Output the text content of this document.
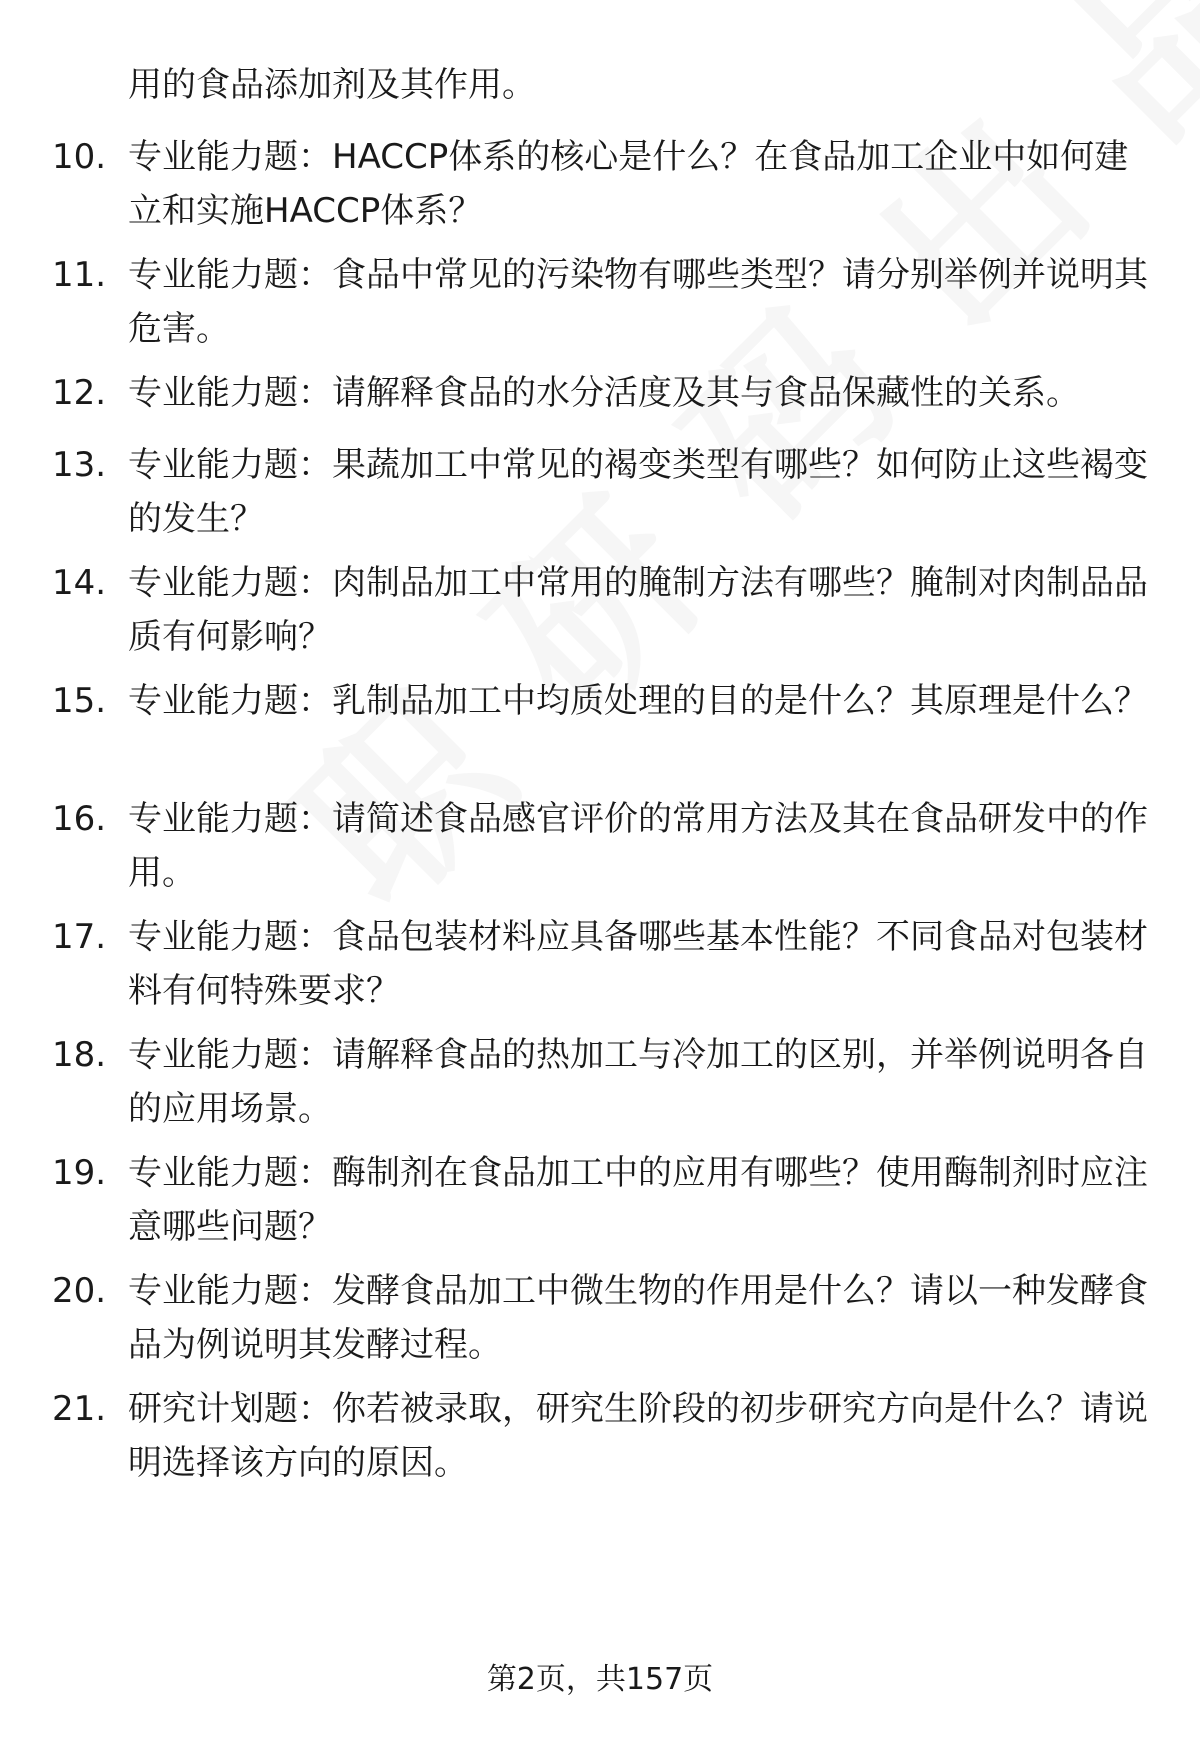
用的食品添加剂及其作用。
10. 专业能力题：HACCP体系的核心是什么？在食品加工企业中如何建立和实施HACCP体系？
11. 专业能力题：食品中常见的污染物有哪些类型？请分别举例并说明其危害。
12. 专业能力题：请解释食品的水分活度及其与食品保藏性的关系。
13. 专业能力题：果蔬加工中常见的褐变类型有哪些？如何防止这些褐变的发生？
14. 专业能力题：肉制品加工中常用的腌制方法有哪些？腌制对肉制品品质有何影响？
15. 专业能力题：乳制品加工中均质处理的目的是什么？其原理是什么？
16. 专业能力题：请简述食品感官评价的常用方法及其在食品研发中的作用。
17. 专业能力题：食品包装材料应具备哪些基本性能？不同食品对包装材料有何特殊要求？
18. 专业能力题：请解释食品的热加工与冷加工的区别，并举例说明各自的应用场景。
19. 专业能力题：酶制剂在食品加工中的应用有哪些？使用酶制剂时应注意哪些问题？
20. 专业能力题：发酵食品加工中微生物的作用是什么？请以一种发酵食品为例说明其发酵过程。
21. 研究计划题：你若被录取，研究生阶段的初步研究方向是什么？请说明选择该方向的原因。
第2页，共157页
